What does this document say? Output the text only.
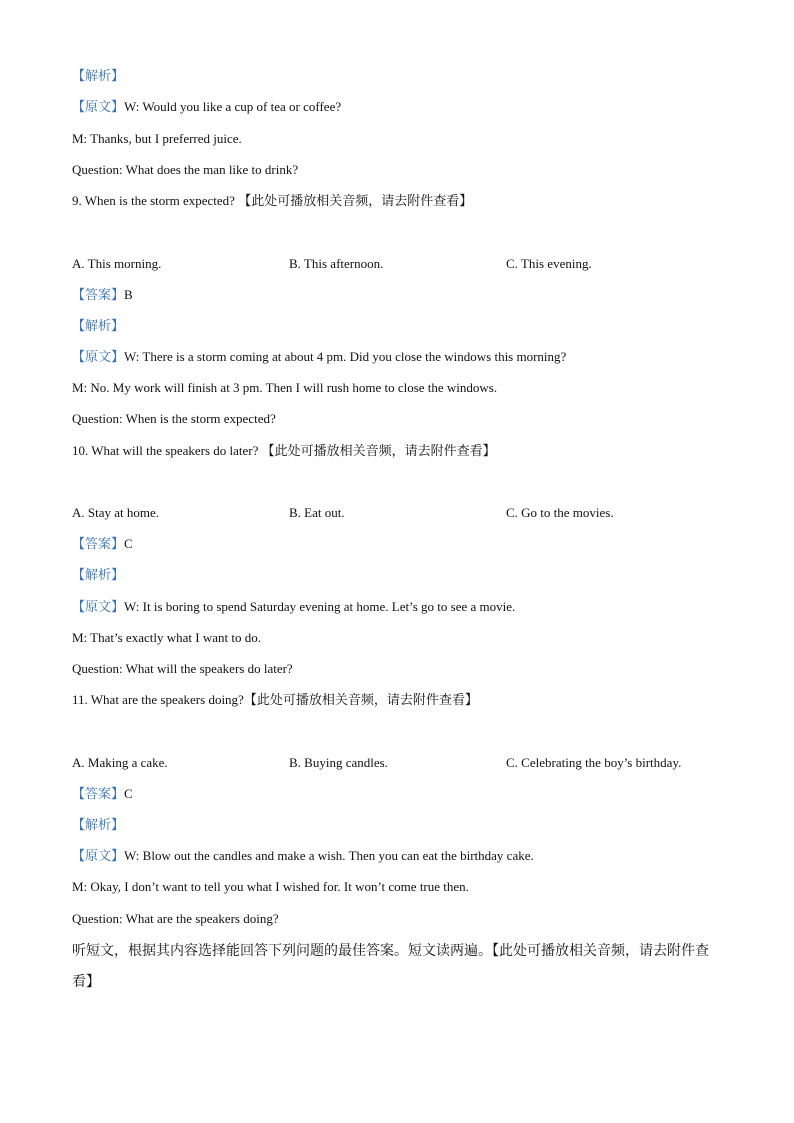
【解析】
【原文】W: Would you like a cup of tea or coffee?
M: Thanks, but I preferred juice.
Question: What does the man like to drink?
9. When is the storm expected? 【此处可播放相关音频，请去附件查看】
A. This morning.	B. This afternoon.	C. This evening.
【答案】B
【解析】
【原文】W: There is a storm coming at about 4 pm. Did you close the windows this morning?
M: No. My work will finish at 3 pm. Then I will rush home to close the windows.
Question: When is the storm expected?
10. What will the speakers do later? 【此处可播放相关音频，请去附件查看】
A. Stay at home.	B. Eat out.	C. Go to the movies.
【答案】C
【解析】
【原文】W: It is boring to spend Saturday evening at home. Let’s go to see a movie.
M: That’s exactly what I want to do.
Question: What will the speakers do later?
11. What are the speakers doing?【此处可播放相关音频，请去附件查看】
A. Making a cake.	B. Buying candles.	C. Celebrating the boy’s birthday.
【答案】C
【解析】
【原文】W: Blow out the candles and make a wish. Then you can eat the birthday cake.
M: Okay, I don’t want to tell you what I wished for. It won’t come true then.
Question: What are the speakers doing?
听短文，根据其内容选择能回答下列问题的最佳答案。短文读两遍。【此处可播放相关音频，请去附件查看】
